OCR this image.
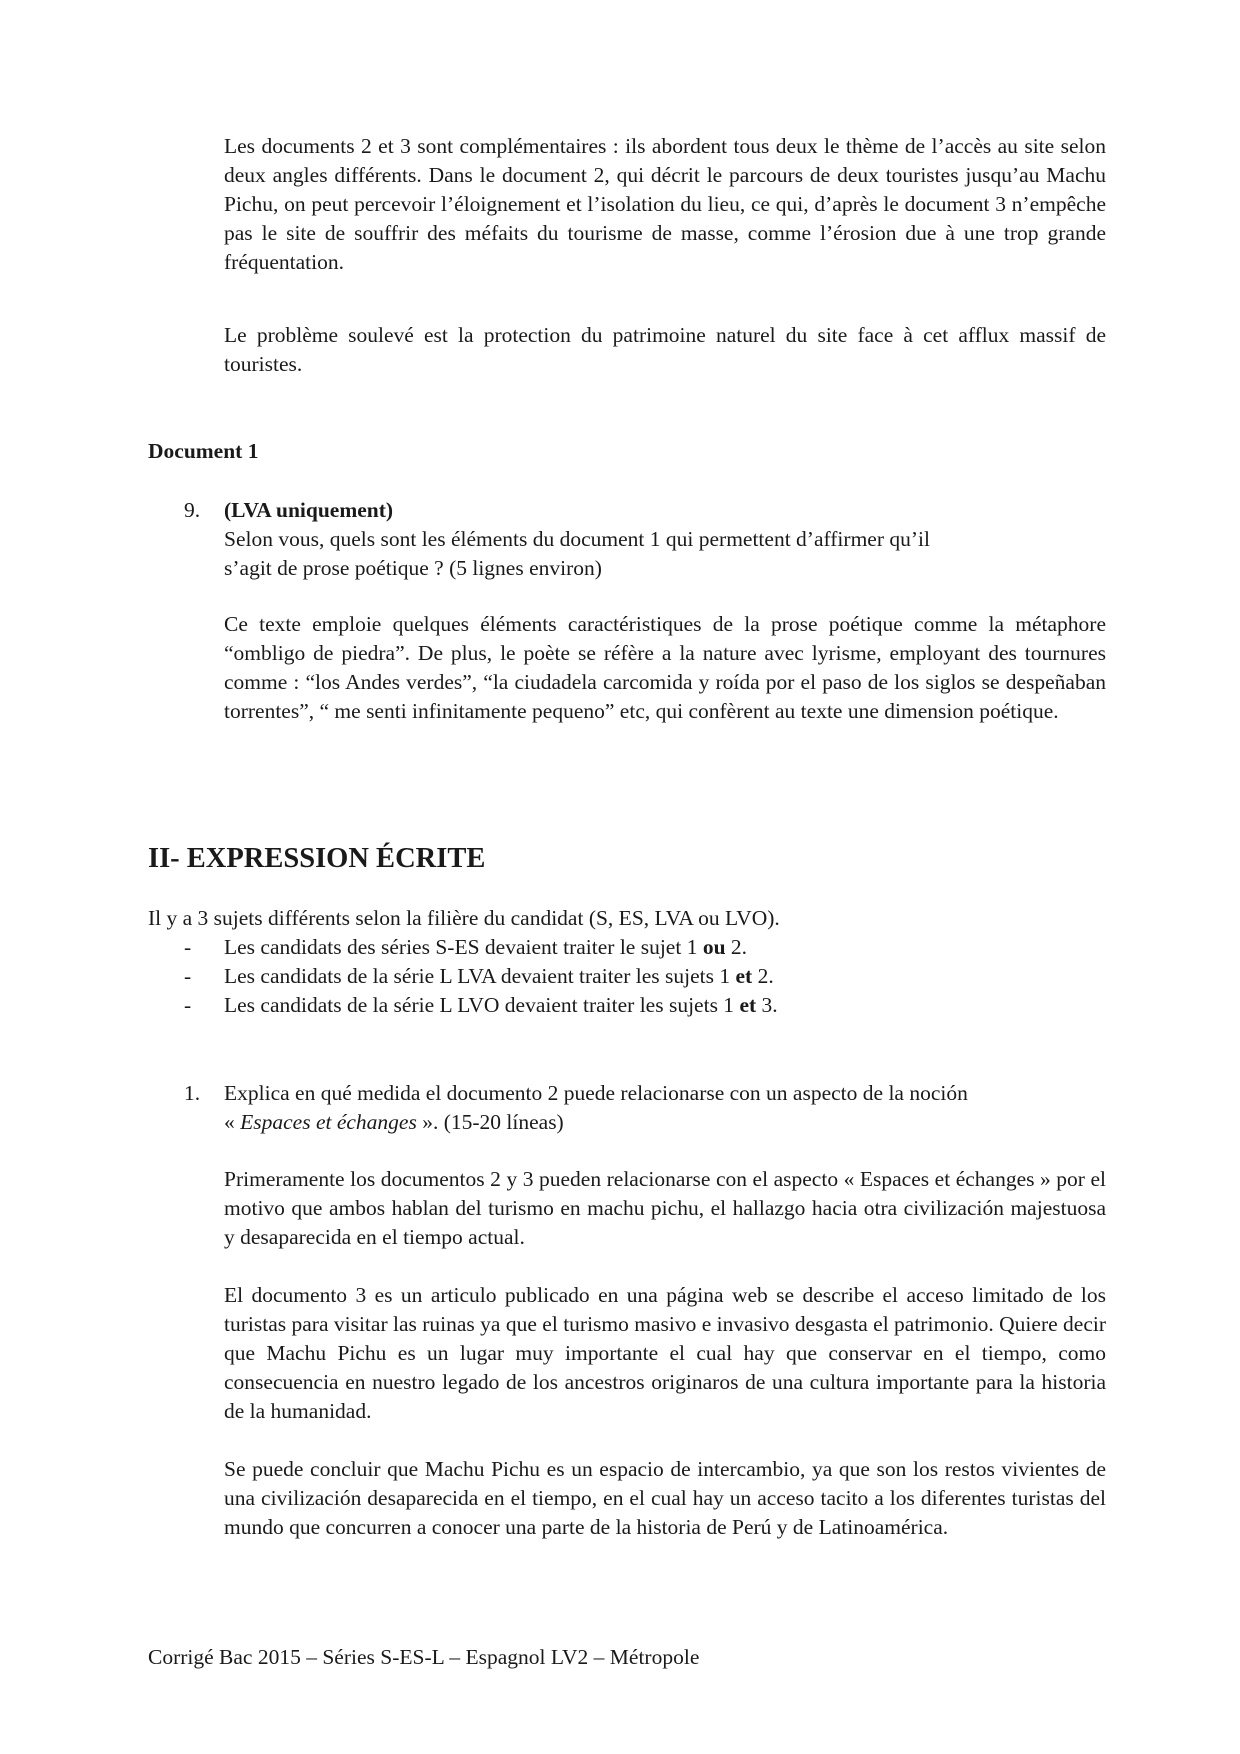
Les documents 2 et 3 sont complémentaires : ils abordent tous deux le thème de l’accès au site selon deux angles différents. Dans le document 2, qui décrit le parcours de deux touristes jusqu’au Machu Pichu, on peut percevoir l’éloignement et l’isolation du lieu, ce qui, d’après le document 3 n’empêche pas le site de souffrir des méfaits du tourisme de masse, comme l’érosion due à une trop grande fréquentation.

Le problème soulevé est la protection du patrimoine naturel du site face à cet afflux massif de touristes.

Document 1
9. (LVA uniquement)
Selon vous, quels sont les éléments du document 1 qui permettent d’affirmer qu’il
s’agit de prose poétique ? (5 lignes environ)

Ce texte emploie quelques éléments caractéristiques de la prose poétique comme la métaphore “ombligo de piedra”. De plus, le poète se réfère a la nature avec lyrisme, employant des tournures comme : “los Andes verdes”, “la ciudadela carcomida y roída por el paso de los siglos se despeñaban torrentes”, “ me senti infinitamente pequeno” etc, qui confèrent au texte une dimension poétique.

II- EXPRESSION ÉCRITE

Il y a 3 sujets différents selon la filière du candidat (S, ES, LVA ou LVO).

- Les candidats des séries S-ES devaient traiter le sujet 1 ou 2.
- Les candidats de la série L LVA devaient traiter les sujets 1 et 2.
- Les candidats de la série L LVO devaient traiter les sujets 1 et 3.
1. Explica en qué medida el documento 2 puede relacionarse con un aspecto de la noción
« Espaces et échanges ». (15-20 líneas)

Primeramente los documentos 2 y 3 pueden relacionarse con el aspecto « Espaces et échanges » por el motivo que ambos hablan del turismo en machu pichu, el hallazgo hacia otra civilización majestuosa y desaparecida en el tiempo actual.

El documento 3 es un articulo publicado en una página web se describe el acceso limitado de los turistas para visitar las ruinas ya que el turismo masivo e invasivo desgasta el patrimonio. Quiere decir que Machu Pichu es un lugar muy importante el cual hay que conservar en el tiempo, como consecuencia en nuestro legado de los ancestros originaros de una cultura importante para la historia de la humanidad.

Se puede concluir que Machu Pichu es un espacio de intercambio, ya que son los restos vivientes de una civilización desaparecida en el tiempo, en el cual hay un acceso tacito a los diferentes turistas del mundo que concurren a conocer una parte de la historia de Perú y de Latinoamérica.

Corrigé Bac 2015 – Séries S-ES-L – Espagnol LV2 – Métropole
